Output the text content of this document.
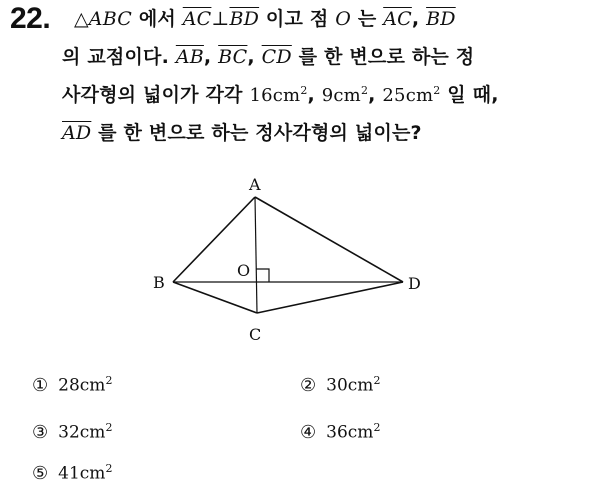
22.	△ABC 에서 $\overline{AC}\perp\overline{BD}$ 이고 점 O 는 $\overline{AC}$, $\overline{BD}$
의 교점이다. $\overline{AB}$, $\overline{BC}$, $\overline{CD}$ 를 한 변으로 하는 정
사각형의 넓이가 각각 $16cm^2$, $9cm^2$, $25cm^2$ 일 때,
$\overline{AD}$ 를 한 변으로 하는 정사각형의 넓이는?
A
B
C
D
O
① $28cm^2$	② $30cm^2$
③ $32cm^2$	④ $36cm^2$
⑤ $41cm^2$
